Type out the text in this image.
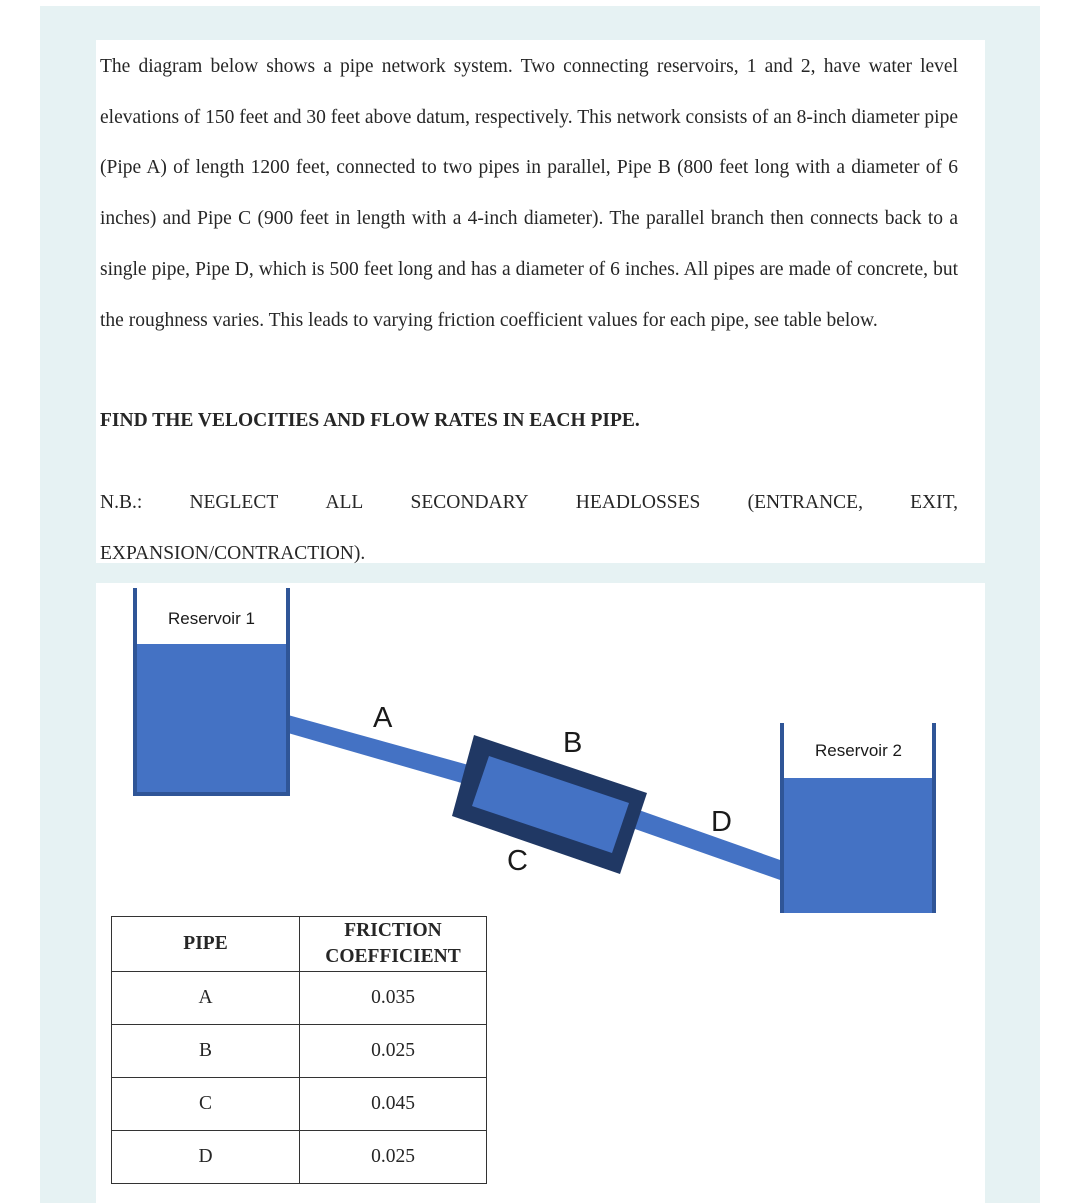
The diagram below shows a pipe network system. Two connecting reservoirs, 1 and 2, have water level elevations of 150 feet and 30 feet above datum, respectively. This network consists of an 8-inch diameter pipe (Pipe A) of length 1200 feet, connected to two pipes in parallel, Pipe B (800 feet long with a diameter of 6 inches) and Pipe C (900 feet in length with a 4-inch diameter). The parallel branch then connects back to a single pipe, Pipe D, which is 500 feet long and has a diameter of 6 inches. All pipes are made of concrete, but the roughness varies. This leads to varying friction coefficient values for each pipe, see table below.

FIND THE VELOCITIES AND FLOW RATES IN EACH PIPE.

N.B.: NEGLECT ALL SECONDARY HEADLOSSES (ENTRANCE, EXIT,
EXPANSION/CONTRACTION).
Reservoir 1
Reservoir 2
A
B
C
D
PIPE	FRICTION COEFFICIENT
A	0.035
B	0.025
C	0.045
D	0.025
